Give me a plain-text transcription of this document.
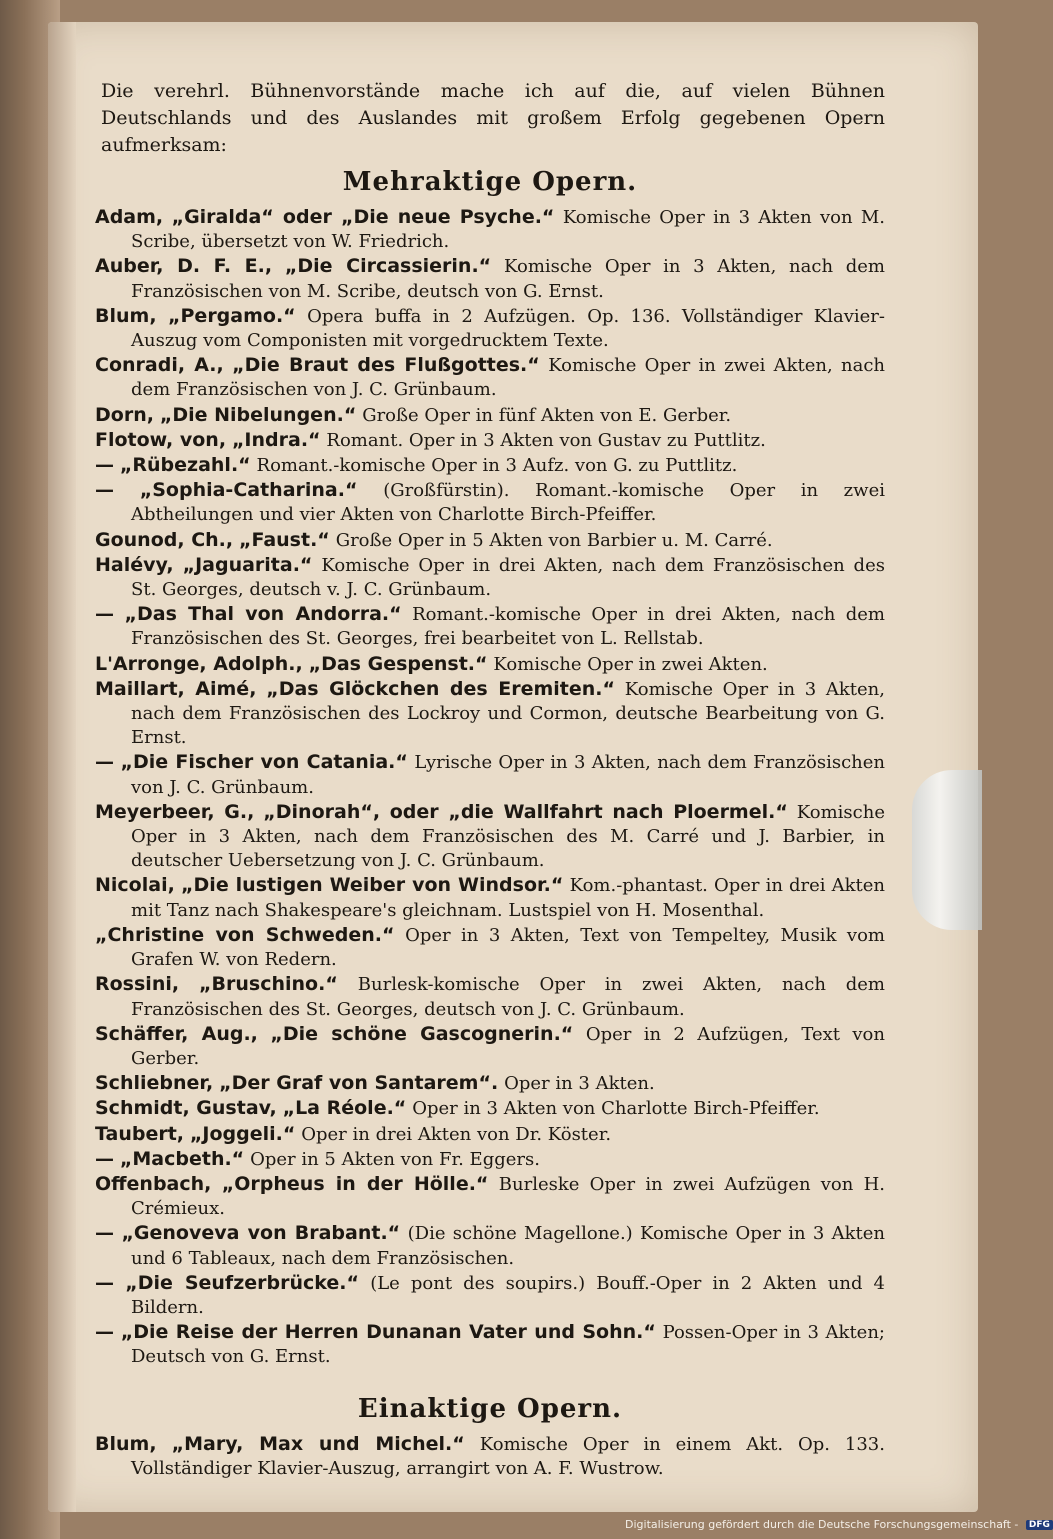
Die verehrl. Bühnenvorstände mache ich auf die, auf vielen Bühnen Deutschlands und des Auslandes mit großem Erfolg gegebenen Opern aufmerksam:

Mehraktige Opern.

Adam, „Giralda“ oder „Die neue Psyche.“ Komische Oper in 3 Akten von M. Scribe, übersetzt von W. Friedrich.

Auber, D. F. E., „Die Circassierin.“ Komische Oper in 3 Akten, nach dem Französischen von M. Scribe, deutsch von G. Ernst.

Blum, „Pergamo.“ Opera buffa in 2 Aufzügen. Op. 136. Vollständiger Klavier-Auszug vom Componisten mit vorgedrucktem Texte.

Conradi, A., „Die Braut des Flußgottes.“ Komische Oper in zwei Akten, nach dem Französischen von J. C. Grünbaum.

Dorn, „Die Nibelungen.“ Große Oper in fünf Akten von E. Gerber.

Flotow, von, „Indra.“ Romant. Oper in 3 Akten von Gustav zu Puttlitz.

— „Rübezahl.“ Romant.-komische Oper in 3 Aufz. von G. zu Puttlitz.

— „Sophia-Catharina.“ (Großfürstin). Romant.-komische Oper in zwei Abtheilungen und vier Akten von Charlotte Birch-Pfeiffer.

Gounod, Ch., „Faust.“ Große Oper in 5 Akten von Barbier u. M. Carré.

Halévy, „Jaguarita.“ Komische Oper in drei Akten, nach dem Französischen des St. Georges, deutsch v. J. C. Grünbaum.

— „Das Thal von Andorra.“ Romant.-komische Oper in drei Akten, nach dem Französischen des St. Georges, frei bearbeitet von L. Rellstab.

L'Arronge, Adolph., „Das Gespenst.“ Komische Oper in zwei Akten.

Maillart, Aimé, „Das Glöckchen des Eremiten.“ Komische Oper in 3 Akten, nach dem Französischen des Lockroy und Cormon, deutsche Bearbeitung von G. Ernst.

— „Die Fischer von Catania.“ Lyrische Oper in 3 Akten, nach dem Französischen von J. C. Grünbaum.

Meyerbeer, G., „Dinorah“, oder „die Wallfahrt nach Ploermel.“ Komische Oper in 3 Akten, nach dem Französischen des M. Carré und J. Barbier, in deutscher Uebersetzung von J. C. Grünbaum.

Nicolai, „Die lustigen Weiber von Windsor.“ Kom.-phantast. Oper in drei Akten mit Tanz nach Shakespeare's gleichnam. Lustspiel von H. Mosenthal.

„Christine von Schweden.“ Oper in 3 Akten, Text von Tempeltey, Musik vom Grafen W. von Redern.

Rossini, „Bruschino.“ Burlesk-komische Oper in zwei Akten, nach dem Französischen des St. Georges, deutsch von J. C. Grünbaum.

Schäffer, Aug., „Die schöne Gascognerin.“ Oper in 2 Aufzügen, Text von Gerber.

Schliebner, „Der Graf von Santarem“. Oper in 3 Akten.

Schmidt, Gustav, „La Réole.“ Oper in 3 Akten von Charlotte Birch-Pfeiffer.

Taubert, „Joggeli.“ Oper in drei Akten von Dr. Köster.

— „Macbeth.“ Oper in 5 Akten von Fr. Eggers.

Offenbach, „Orpheus in der Hölle.“ Burleske Oper in zwei Aufzügen von H. Crémieux.

— „Genoveva von Brabant.“ (Die schöne Magellone.) Komische Oper in 3 Akten und 6 Tableaux, nach dem Französischen.

— „Die Seufzerbrücke.“ (Le pont des soupirs.) Bouff.-Oper in 2 Akten und 4 Bildern.

— „Die Reise der Herren Dunanan Vater und Sohn.“ Possen-Oper in 3 Akten; Deutsch von G. Ernst.

Einaktige Opern.

Blum, „Mary, Max und Michel.“ Komische Oper in einem Akt. Op. 133. Vollständiger Klavier-Auszug, arrangirt von A. F. Wustrow.

Digitalisierung gefördert durch die Deutsche Forschungsgemeinschaft - DFG
